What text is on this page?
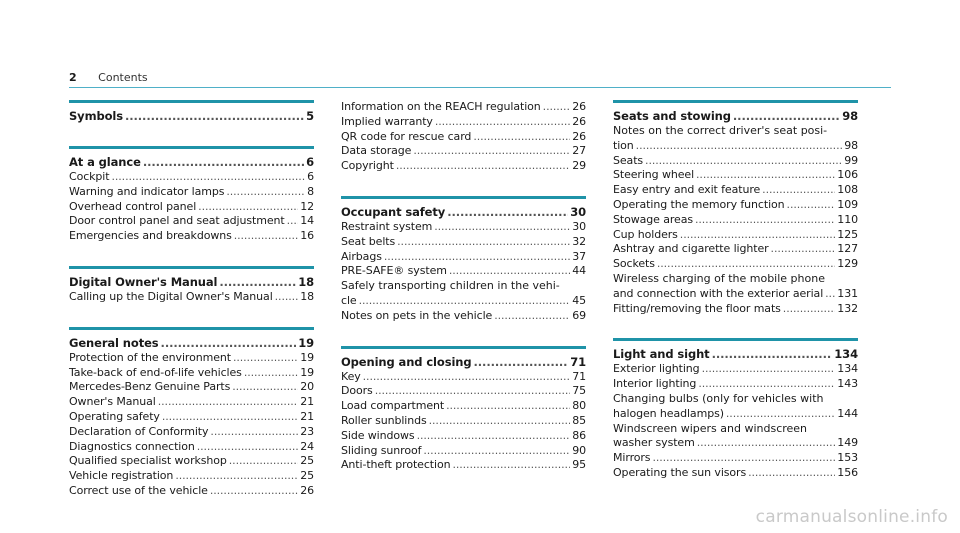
2 Contents
Symbols .....	5
At a glance .....	6
Cockpit .....	6
Warning and indicator lamps .....	8
Overhead control panel .....	12
Door control panel and seat adjustment ..... 14
Emergencies and breakdowns .....	16
Digital Owner's Manual .....	18
Calling up the Digital Owner's Manual .....	18
General notes .....	19
Protection of the environment .....	19
Take-back of end-of-life vehicles .....	19
Mercedes-Benz Genuine Parts .....	20
Owner's Manual .....	21
Operating safety .....	21
Declaration of Conformity .....	23
Diagnostics connection .....	24
Qualified specialist workshop .....	25
Vehicle registration .....	25
Correct use of the vehicle .....	26
Information on the REACH regulation .....	26
Implied warranty .....	26
QR code for rescue card .....	26
Data storage .....	27
Copyright .....	29
Occupant safety .....	30
Restraint system .....	30
Seat belts .....	32
Airbags .....	37
PRE-SAFE® system .....	44
Safely transporting children in the vehi-
cle .....	45
Notes on pets in the vehicle .....	69
Opening and closing .....	71
Key .....	71
Doors .....	75
Load compartment .....	80
Roller sunblinds .....	85
Side windows .....	86
Sliding sunroof .....	90
Anti-theft protection .....	95
Seats and stowing .....	98
Notes on the correct driver's seat posi-
tion .....	98
Seats .....	99
Steering wheel .....	106
Easy entry and exit feature .....	108
Operating the memory function .....	109
Stowage areas .....	110
Cup holders .....	125
Ashtray and cigarette lighter .....	127
Sockets .....	129
Wireless charging of the mobile phone
and connection with the exterior aerial ..... 131
Fitting/removing the floor mats .....	132
Light and sight .....	134
Exterior lighting .....	134
Interior lighting .....	143
Changing bulbs (only for vehicles with
halogen headlamps) .....	144
Windscreen wipers and windscreen
washer system .....	149
Mirrors .....	153
Operating the sun visors .....	156
carmanualsonline.info
